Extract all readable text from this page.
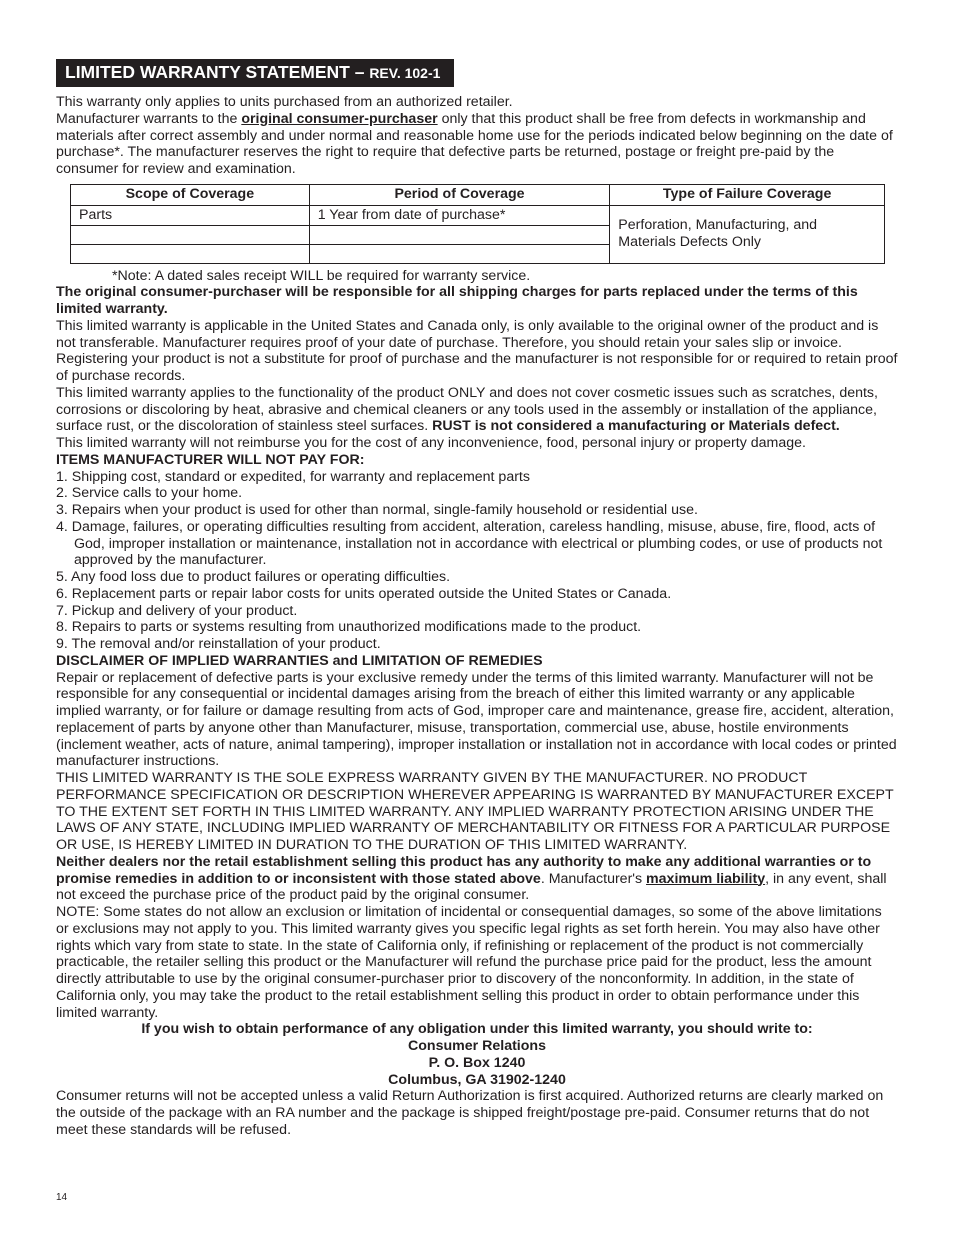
LIMITED WARRANTY STATEMENT – REV. 102-1

This warranty only applies to units purchased from an authorized retailer.

Manufacturer warrants to the original consumer-purchaser only that this product shall be free from defects in workmanship and materials after correct assembly and under normal and reasonable home use for the periods indicated below beginning on the date of purchase*. The manufacturer reserves the right to require that defective parts be returned, postage or freight pre-paid by the consumer for review and examination.

Scope of Coverage	Period of Coverage	Type of Failure Coverage
Parts	1 Year from date of purchase*	Perforation, Manufacturing, and Materials Defects Only

*Note: A dated sales receipt WILL be required for warranty service.

The original consumer-purchaser will be responsible for all shipping charges for parts replaced under the terms of this limited warranty.

This limited warranty is applicable in the United States and Canada only, is only available to the original owner of the product and is not transferable. Manufacturer requires proof of your date of purchase. Therefore, you should retain your sales slip or invoice. Registering your product is not a substitute for proof of purchase and the manufacturer is not responsible for or required to retain proof of purchase records.

This limited warranty applies to the functionality of the product ONLY and does not cover cosmetic issues such as scratches, dents, corrosions or discoloring by heat, abrasive and chemical cleaners or any tools used in the assembly or installation of the appliance, surface rust, or the discoloration of stainless steel surfaces. RUST is not considered a manufacturing or Materials defect.

This limited warranty will not reimburse you for the cost of any inconvenience, food, personal injury or property damage.

ITEMS MANUFACTURER WILL NOT PAY FOR:

1. Shipping cost, standard or expedited, for warranty and replacement parts

2. Service calls to your home.

3. Repairs when your product is used for other than normal, single-family household or residential use.

4. Damage, failures, or operating difficulties resulting from accident, alteration, careless handling, misuse, abuse, fire, flood, acts of God, improper installation or maintenance, installation not in accordance with electrical or plumbing codes, or use of products not approved by the manufacturer.

5. Any food loss due to product failures or operating difficulties.

6. Replacement parts or repair labor costs for units operated outside the United States or Canada.

7. Pickup and delivery of your product.

8. Repairs to parts or systems resulting from unauthorized modifications made to the product.

9. The removal and/or reinstallation of your product.

DISCLAIMER OF IMPLIED WARRANTIES and LIMITATION OF REMEDIES

Repair or replacement of defective parts is your exclusive remedy under the terms of this limited warranty. Manufacturer will not be responsible for any consequential or incidental damages arising from the breach of either this limited warranty or any applicable implied warranty, or for failure or damage resulting from acts of God, improper care and maintenance, grease fire, accident, alteration, replacement of parts by anyone other than Manufacturer, misuse, transportation, commercial use, abuse, hostile environments (inclement weather, acts of nature, animal tampering), improper installation or installation not in accordance with local codes or printed manufacturer instructions.

THIS LIMITED WARRANTY IS THE SOLE EXPRESS WARRANTY GIVEN BY THE MANUFACTURER. NO PRODUCT PERFORMANCE SPECIFICATION OR DESCRIPTION WHEREVER APPEARING IS WARRANTED BY MANUFACTURER EXCEPT TO THE EXTENT SET FORTH IN THIS LIMITED WARRANTY. ANY IMPLIED WARRANTY PROTECTION ARISING UNDER THE LAWS OF ANY STATE, INCLUDING IMPLIED WARRANTY OF MERCHANTABILITY OR FITNESS FOR A PARTICULAR PURPOSE OR USE, IS HEREBY LIMITED IN DURATION TO THE DURATION OF THIS LIMITED WARRANTY.

Neither dealers nor the retail establishment selling this product has any authority to make any additional warranties or to promise remedies in addition to or inconsistent with those stated above. Manufacturer's maximum liability, in any event, shall not exceed the purchase price of the product paid by the original consumer.

NOTE: Some states do not allow an exclusion or limitation of incidental or consequential damages, so some of the above limitations or exclusions may not apply to you. This limited warranty gives you specific legal rights as set forth herein. You may also have other rights which vary from state to state. In the state of California only, if refinishing or replacement of the product is not commercially practicable, the retailer selling this product or the Manufacturer will refund the purchase price paid for the product, less the amount directly attributable to use by the original consumer-purchaser prior to discovery of the nonconformity. In addition, in the state of California only, you may take the product to the retail establishment selling this product in order to obtain performance under this limited warranty.

If you wish to obtain performance of any obligation under this limited warranty, you should write to:

Consumer Relations

P. O. Box 1240

Columbus, GA 31902-1240

Consumer returns will not be accepted unless a valid Return Authorization is first acquired. Authorized returns are clearly marked on the outside of the package with an RA number and the package is shipped freight/postage pre-paid. Consumer returns that do not meet these standards will be refused.

14
